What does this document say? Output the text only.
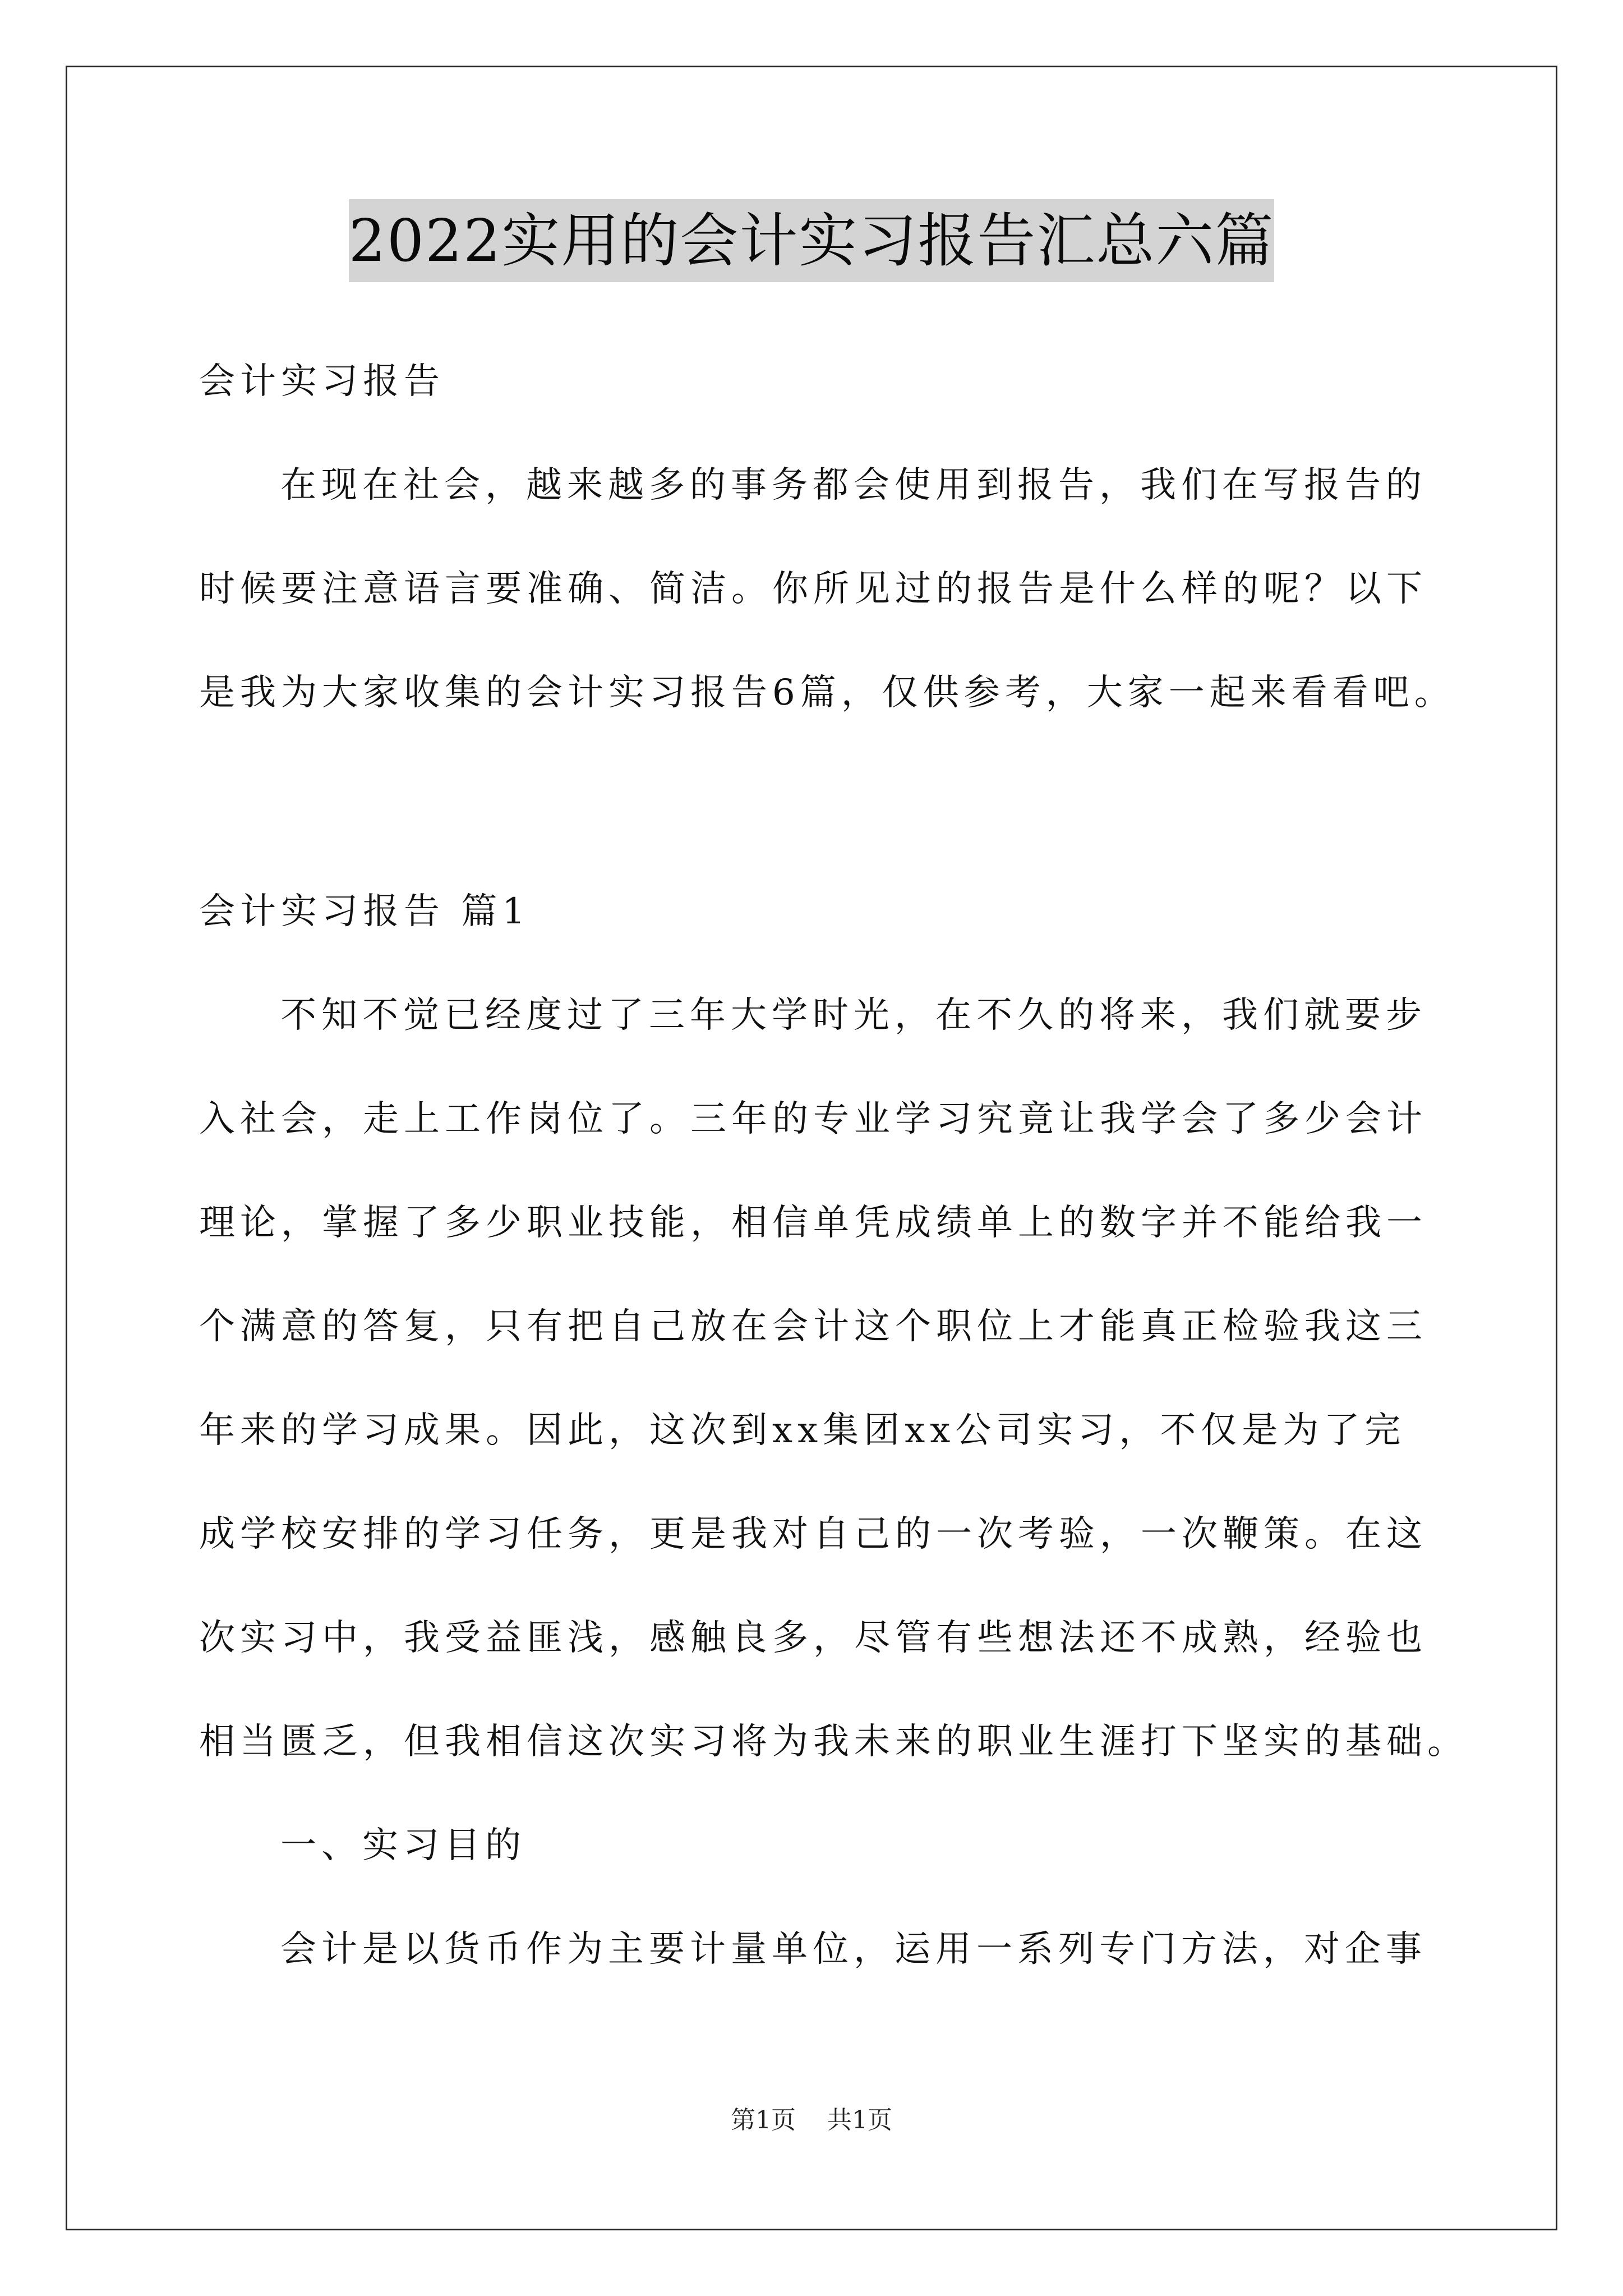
2022实用的会计实习报告汇总六篇
会计实习报告
在现在社会，越来越多的事务都会使用到报告，我们在写报告的
时候要注意语言要准确、简洁。你所见过的报告是什么样的呢？以下
是我为大家收集的会计实习报告6篇，仅供参考，大家一起来看看吧。
会计实习报告 篇1
不知不觉已经度过了三年大学时光，在不久的将来，我们就要步
入社会，走上工作岗位了。三年的专业学习究竟让我学会了多少会计
理论，掌握了多少职业技能，相信单凭成绩单上的数字并不能给我一
个满意的答复，只有把自己放在会计这个职位上才能真正检验我这三
年来的学习成果。因此，这次到xx集团xx公司实习，不仅是为了完
成学校安排的学习任务，更是我对自己的一次考验，一次鞭策。在这
次实习中，我受益匪浅，感触良多，尽管有些想法还不成熟，经验也
相当匮乏，但我相信这次实习将为我未来的职业生涯打下坚实的基础。
一、实习目的
会计是以货币作为主要计量单位，运用一系列专门方法，对企事
第1页 共1页
